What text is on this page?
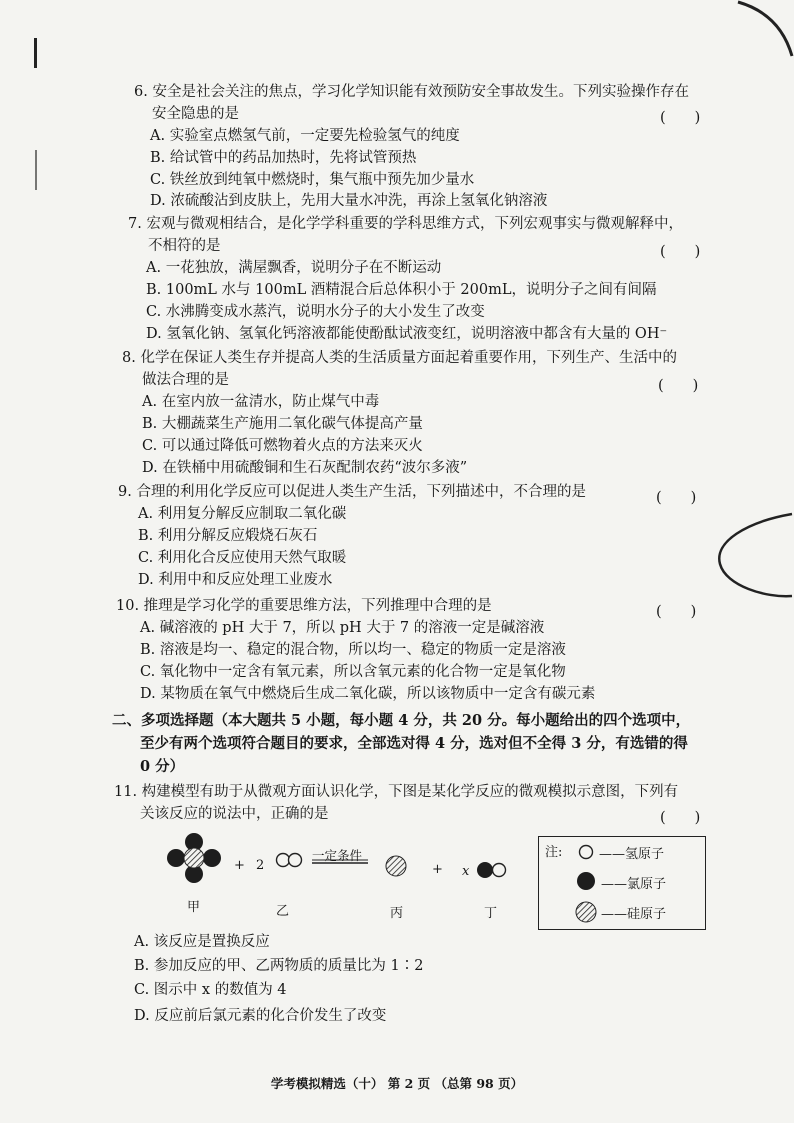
6. 安全是社会关注的焦点，学习化学知识能有效预防安全事故发生。下列实验操作存在
安全隐患的是	(　　)
A. 实验室点燃氢气前，一定要先检验氢气的纯度
B. 给试管中的药品加热时，先将试管预热
C. 铁丝放到纯氧中燃烧时，集气瓶中预先加少量水
D. 浓硫酸沾到皮肤上，先用大量水冲洗，再涂上氢氧化钠溶液
7. 宏观与微观相结合，是化学学科重要的学科思维方式，下列宏观事实与微观解释中，
不相符的是	(　　)
A. 一花独放，满屋飘香，说明分子在不断运动
B. 100mL 水与 100mL 酒精混合后总体积小于 200mL，说明分子之间有间隔
C. 水沸腾变成水蒸汽，说明水分子的大小发生了改变
D. 氢氧化钠、氢氧化钙溶液都能使酚酞试液变红，说明溶液中都含有大量的 OH⁻
8. 化学在保证人类生存并提高人类的生活质量方面起着重要作用，下列生产、生活中的
做法合理的是	(　　)
A. 在室内放一盆清水，防止煤气中毒
B. 大棚蔬菜生产施用二氧化碳气体提高产量
C. 可以通过降低可燃物着火点的方法来灭火
D. 在铁桶中用硫酸铜和生石灰配制农药“波尔多液”
9. 合理的利用化学反应可以促进人类生产生活，下列描述中，不合理的是	(　　)
A. 利用复分解反应制取二氧化碳
B. 利用分解反应煅烧石灰石
C. 利用化合反应使用天然气取暖
D. 利用中和反应处理工业废水
10. 推理是学习化学的重要思维方法，下列推理中合理的是	(　　)
A. 碱溶液的 pH 大于 7，所以 pH 大于 7 的溶液一定是碱溶液
B. 溶液是均一、稳定的混合物，所以均一、稳定的物质一定是溶液
C. 氧化物中一定含有氧元素，所以含氧元素的化合物一定是氧化物
D. 某物质在氧气中燃烧后生成二氧化碳，所以该物质中一定含有碳元素
二、多项选择题（本大题共 5 小题，每小题 4 分，共 20 分。每小题给出的四个选项中，
至少有两个选项符合题目的要求，全部选对得 4 分，选对但不全得 3 分，有选错的得
0 分）
11. 构建模型有助于从微观方面认识化学，下图是某化学反应的微观模拟示意图，下列有
关该反应的说法中，正确的是	(　　)
+ 2
一定条件
+ x
甲	乙	丙	丁
注:	——氢原子
——氯原子
——硅原子
A. 该反应是置换反应
B. 参加反应的甲、乙两物质的质量比为 1∶2
C. 图示中 x 的数值为 4
D. 反应前后氯元素的化合价发生了改变
学考模拟精选（十） 第 2 页 （总第 98 页）
